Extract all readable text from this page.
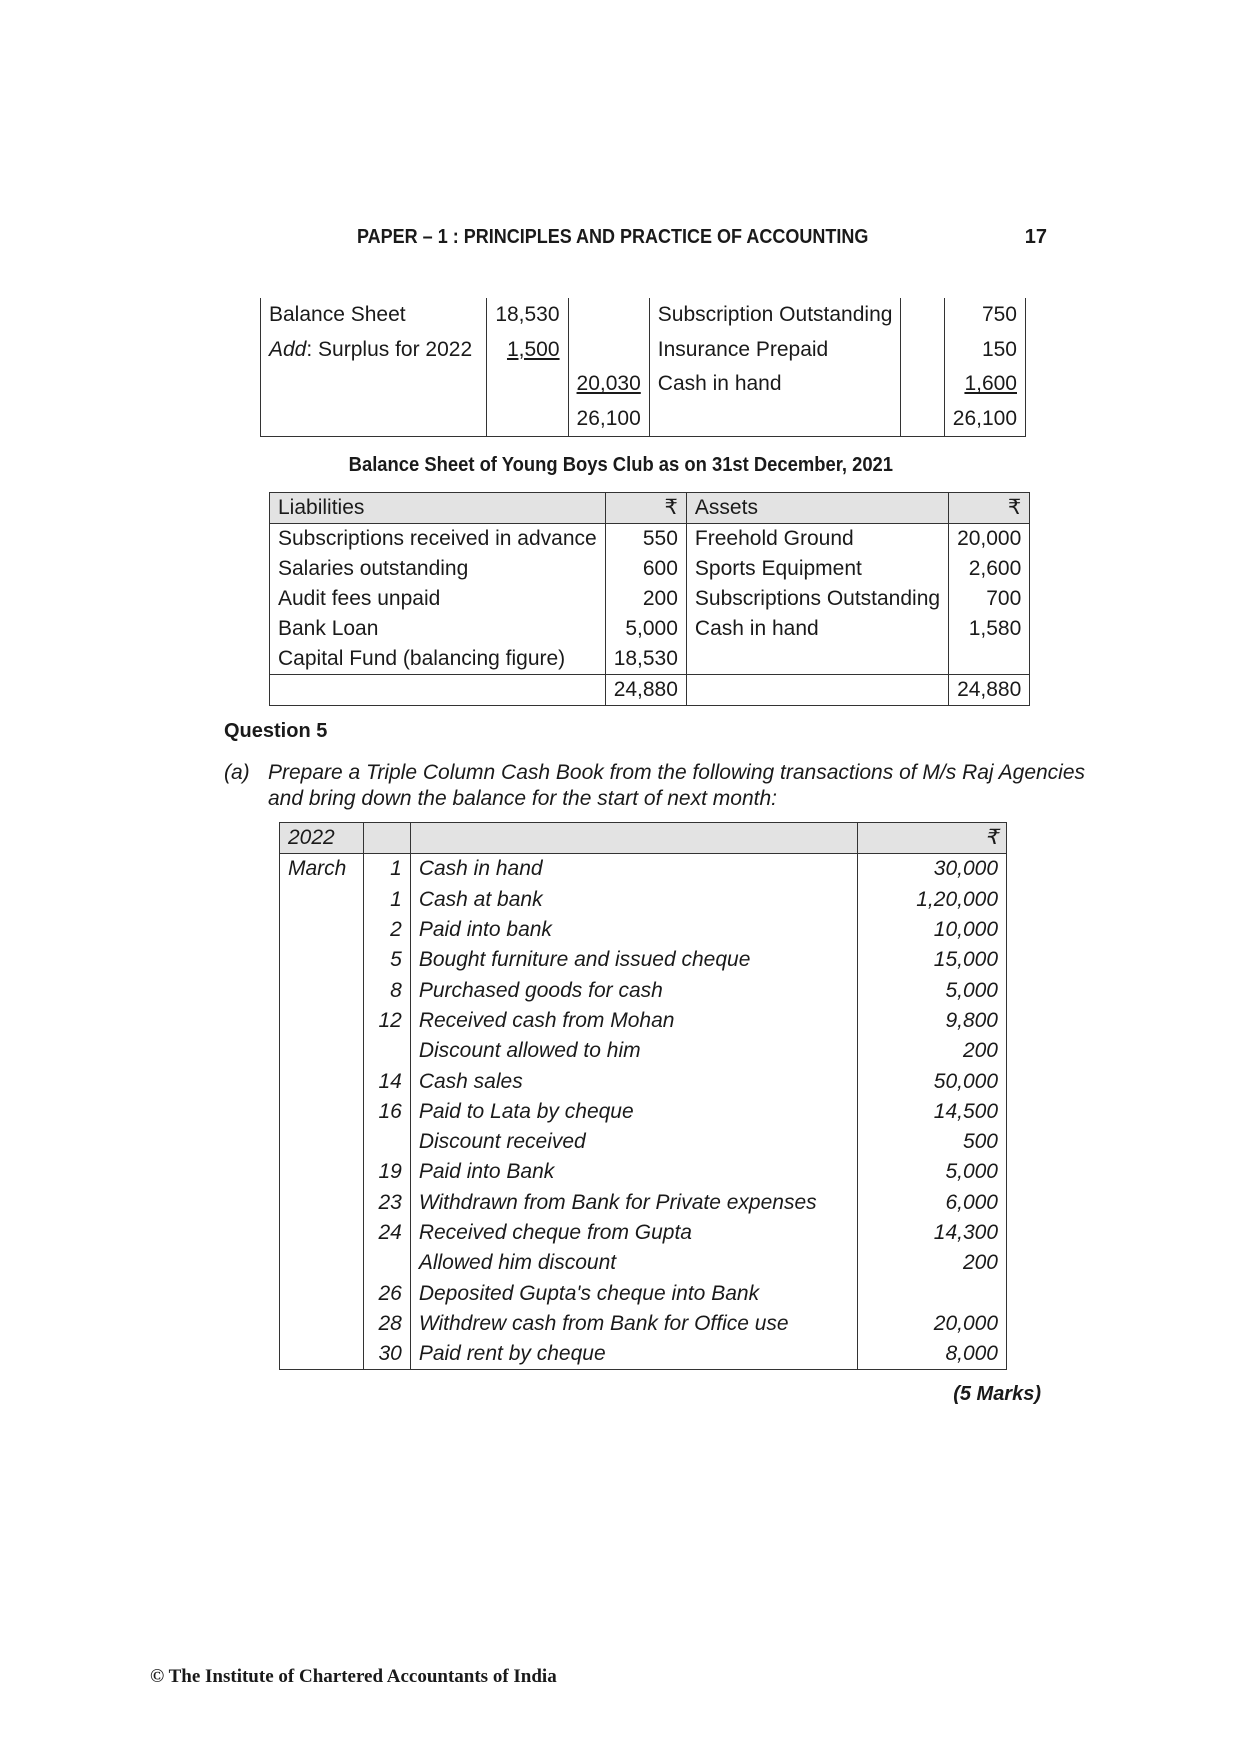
PAPER – 1 : PRINCIPLES AND PRACTICE OF ACCOUNTING	17
Balance Sheet	18,530		Subscription Outstanding		750
Add: Surplus for 2022	1,500		Insurance Prepaid		150
		20,030	Cash in hand		1,600
		26,100			26,100
Balance Sheet of Young Boys Club as on 31st December, 2021
Liabilities	₹	Assets	₹
Subscriptions received in advance	550	Freehold Ground	20,000
Salaries outstanding	600	Sports Equipment	2,600
Audit fees unpaid	200	Subscriptions Outstanding	700
Bank Loan	5,000	Cash in hand	1,580
Capital Fund (balancing figure)	18,530		
	24,880		24,880
Question 5
(a) Prepare a Triple Column Cash Book from the following transactions of M/s Raj Agencies
and bring down the balance for the start of next month:
2022			₹
March	1	Cash in hand	30,000
	1	Cash at bank	1,20,000
	2	Paid into bank	10,000
	5	Bought furniture and issued cheque	15,000
	8	Purchased goods for cash	5,000
	12	Received cash from Mohan	9,800
		Discount allowed to him	200
	14	Cash sales	50,000
	16	Paid to Lata by cheque	14,500
		Discount received	500
	19	Paid into Bank	5,000
	23	Withdrawn from Bank for Private expenses	6,000
	24	Received cheque from Gupta	14,300
		Allowed him discount	200
	26	Deposited Gupta's cheque into Bank	
	28	Withdrew cash from Bank for Office use	20,000
	30	Paid rent by cheque	8,000
(5 Marks)
© The Institute of Chartered Accountants of India
